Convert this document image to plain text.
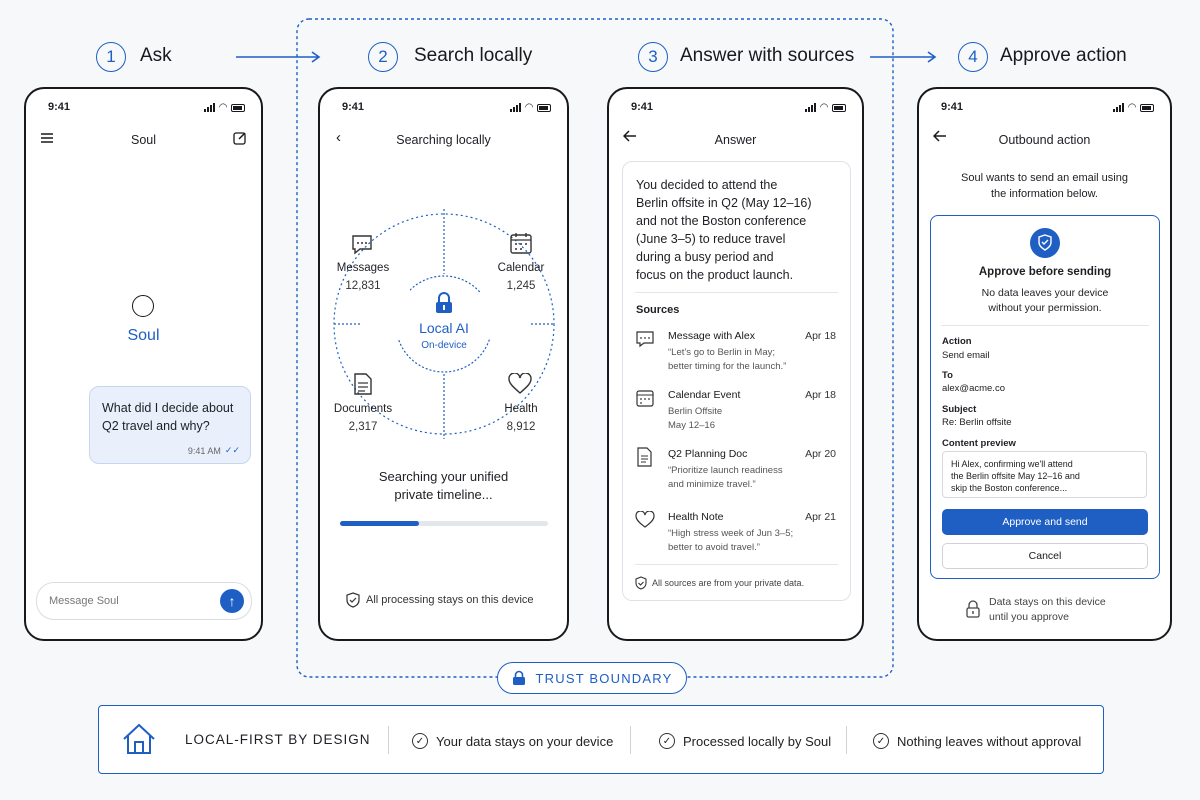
1	Ask	2	Search locally	3	Answer with sources	4	Approve action
9:41	◠
Soul
Soul
What did I decide about Q2 travel and why?
9:41 AM ✓✓
Message Soul	↑
9:41	◠
‹	Searching locally
Local AI
On-device
Messages
12,831
Calendar
1,245
Documents
2,317
Health
8,912
Searching your unified
private timeline...
All processing stays on this device
9:41	◠
Answer
You decided to attend the
Berlin offsite in Q2 (May 12–16)
and not the Boston conference
(June 3–5) to reduce travel
during a busy period and
focus on the product launch.
Sources
Message with Alex	Apr 18
“Let’s go to Berlin in May;
better timing for the launch.”
Calendar Event	Apr 18
Berlin Offsite
May 12–16
Q2 Planning Doc	Apr 20
“Prioritize launch readiness
and minimize travel.”
Health Note	Apr 21
“High stress week of Jun 3–5;
better to avoid travel.”
All sources are from your private data.
9:41	◠
Outbound action
Soul wants to send an email using
the information below.
Approve before sending
No data leaves your device
without your permission.
Action
Send email
To
alex@acme.co
Subject
Re: Berlin offsite
Content preview
Hi Alex, confirming we'll attend
the Berlin offsite May 12–16 and
skip the Boston conference...
Approve and send
Cancel
Data stays on this device
until you approve
TRUST BOUNDARY
LOCAL-FIRST BY DESIGN	✓ Your data stays on your device	✓ Processed locally by Soul	✓ Nothing leaves without approval
